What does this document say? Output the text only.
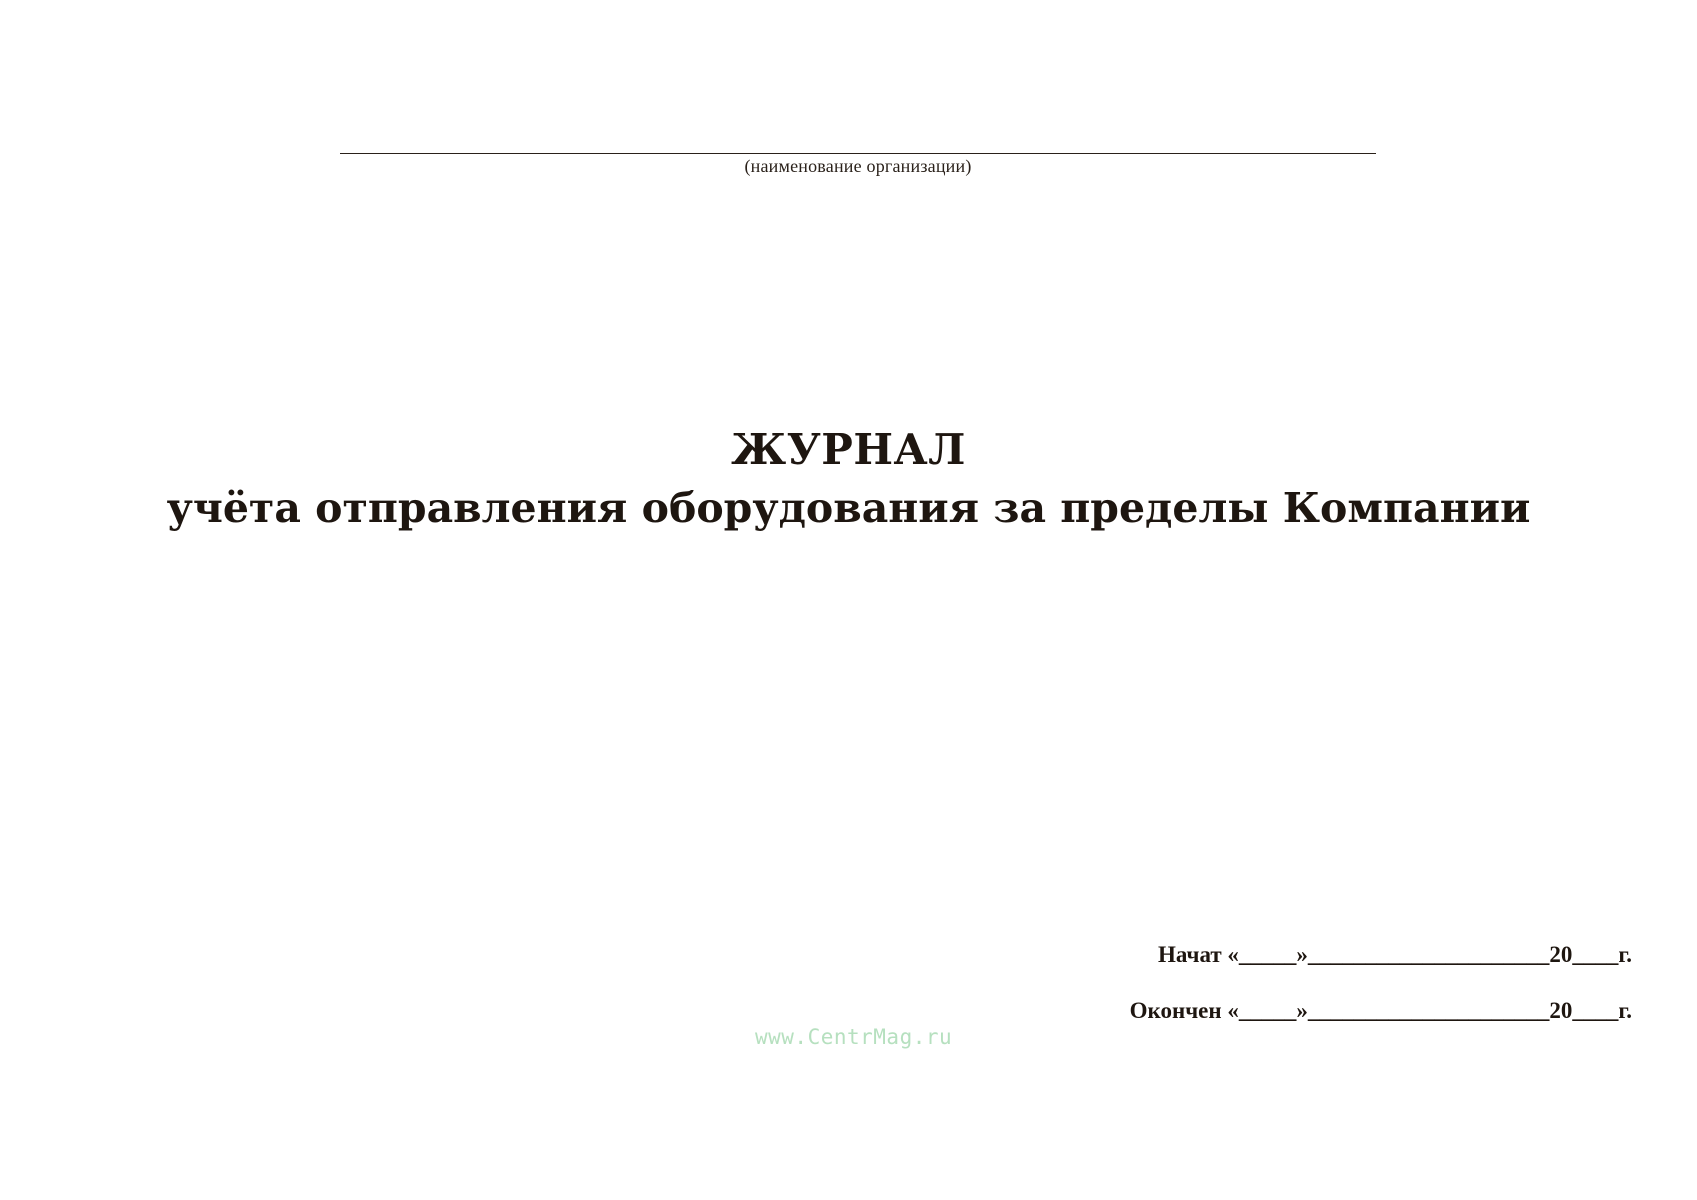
(наименование организации)
ЖУРНАЛ
учёта отправления оборудования за пределы Компании
Начат «_____»_____________________20____г.
Окончен «_____»_____________________20____г.
www.CentrMag.ru
